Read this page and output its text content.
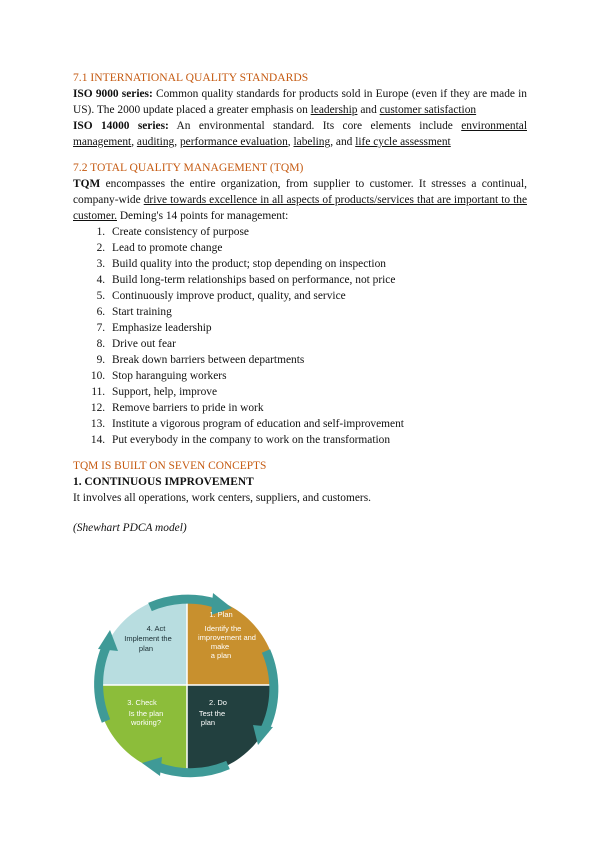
7.1 INTERNATIONAL QUALITY STANDARDS

ISO 9000 series: Common quality standards for products sold in Europe (even if they are made in US). The 2000 update placed a greater emphasis on leadership and customer satisfaction

ISO 14000 series: An environmental standard. Its core elements include environmental management, auditing, performance evaluation, labeling, and life cycle assessment

7.2 TOTAL QUALITY MANAGEMENT (TQM)

TQM encompasses the entire organization, from supplier to customer. It stresses a continual, company-wide drive towards excellence in all aspects of products/services that are important to the customer. Deming's 14 points for management:

1. Create consistency of purpose
2. Lead to promote change
3. Build quality into the product; stop depending on inspection
4. Build long-term relationships based on performance, not price
5. Continuously improve product, quality, and service
6. Start training
7. Emphasize leadership
8. Drive out fear
9. Break down barriers between departments
10. Stop haranguing workers
11. Support, help, improve
12. Remove barriers to pride in work
13. Institute a vigorous program of education and self-improvement
14. Put everybody in the company to work on the transformation

TQM IS BUILT ON SEVEN CONCEPTS

1. CONTINUOUS IMPROVEMENT

It involves all operations, work centers, suppliers, and customers.

(Shewhart PDCA model)

4. Act
Implement the
plan
1. Plan
Identify the
improvement and
make
a plan
2. Do
Test the
plan
3. Check
Is the plan
working?
